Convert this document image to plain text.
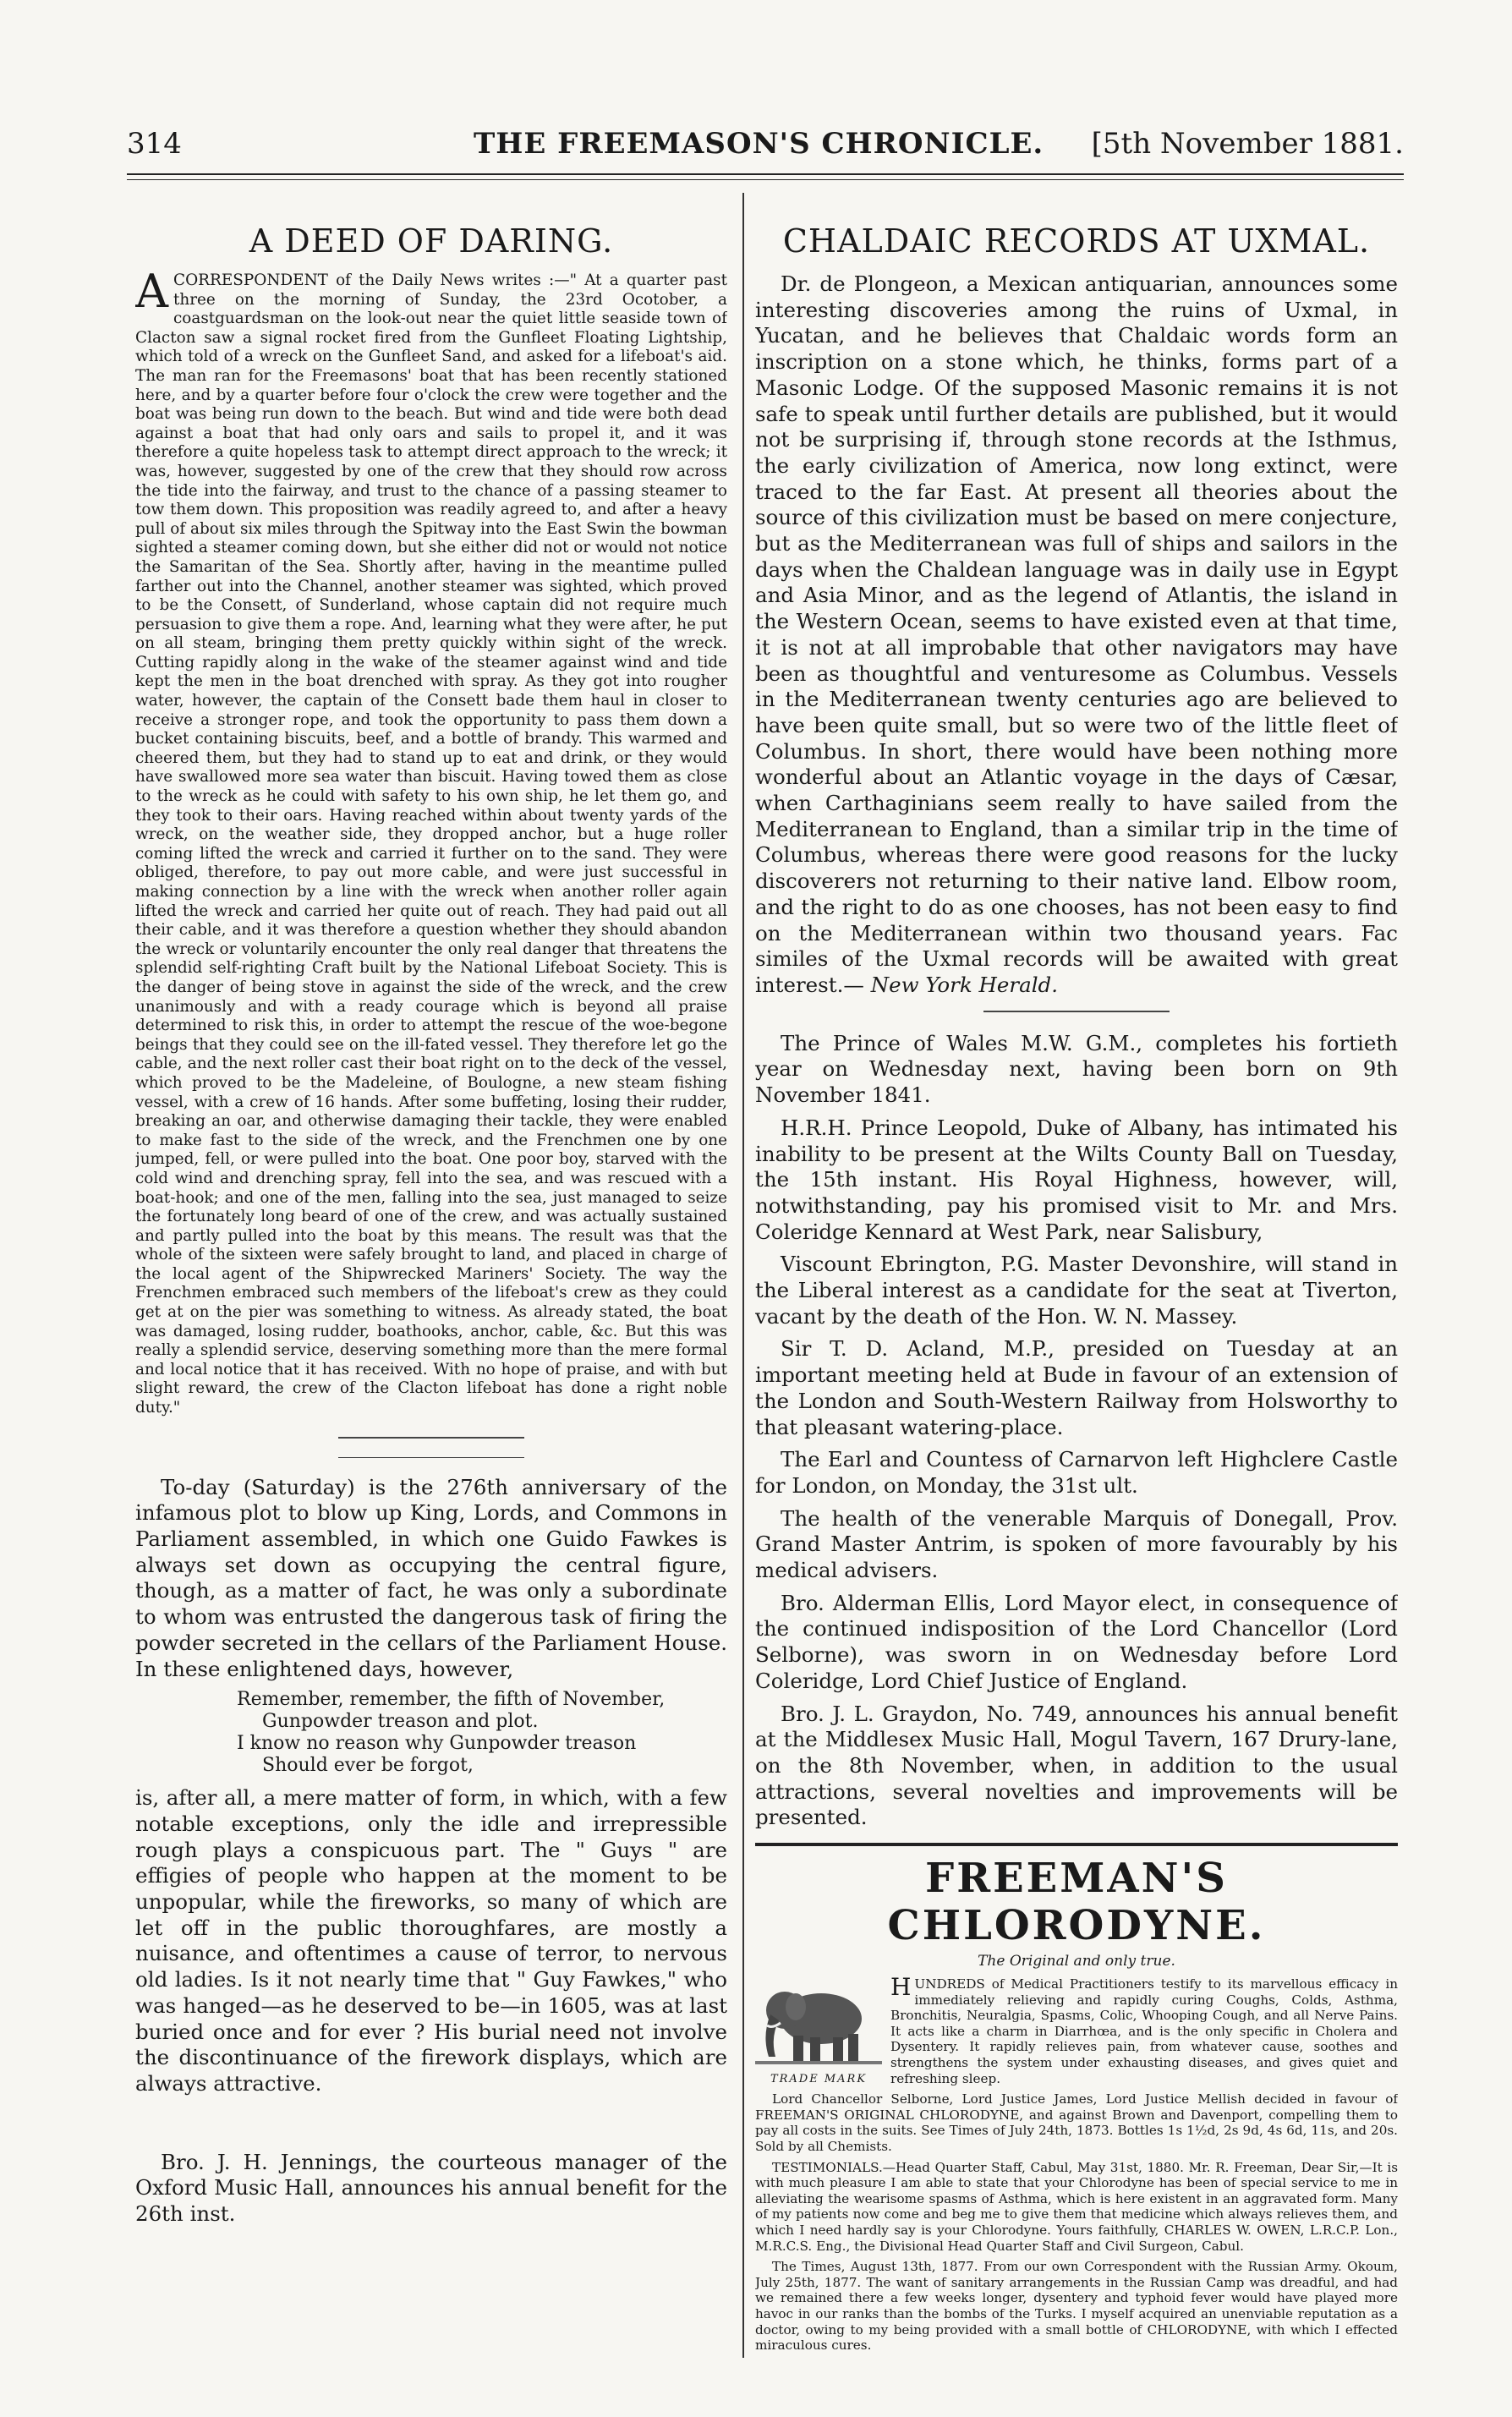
314	THE FREEMASON'S CHRONICLE. [5th November 1881.
A DEED OF DARING.

A CORRESPONDENT of the Daily News writes :—" At a quarter past three on the morning of Sunday, the 23rd Ocotober, a coastguardsman on the look-out near the quiet little seaside town of Clacton saw a signal rocket fired from the Gunfleet Floating Lightship, which told of a wreck on the Gunfleet Sand, and asked for a lifeboat's aid. The man ran for the Freemasons' boat that has been recently stationed here, and by a quarter before four o'clock the crew were together and the boat was being run down to the beach. But wind and tide were both dead against a boat that had only oars and sails to propel it, and it was therefore a quite hopeless task to attempt direct approach to the wreck; it was, however, suggested by one of the crew that they should row across the tide into the fairway, and trust to the chance of a passing steamer to tow them down. This proposition was readily agreed to, and after a heavy pull of about six miles through the Spitway into the East Swin the bowman sighted a steamer coming down, but she either did not or would not notice the Samaritan of the Sea. Shortly after, having in the meantime pulled farther out into the Channel, another steamer was sighted, which proved to be the Consett, of Sunderland, whose captain did not require much persuasion to give them a rope. And, learning what they were after, he put on all steam, bringing them pretty quickly within sight of the wreck. Cutting rapidly along in the wake of the steamer against wind and tide kept the men in the boat drenched with spray. As they got into rougher water, however, the captain of the Consett bade them haul in closer to receive a stronger rope, and took the opportunity to pass them down a bucket containing biscuits, beef, and a bottle of brandy. This warmed and cheered them, but they had to stand up to eat and drink, or they would have swallowed more sea water than biscuit. Having towed them as close to the wreck as he could with safety to his own ship, he let them go, and they took to their oars. Having reached within about twenty yards of the wreck, on the weather side, they dropped anchor, but a huge roller coming lifted the wreck and carried it further on to the sand. They were obliged, therefore, to pay out more cable, and were just successful in making connection by a line with the wreck when another roller again lifted the wreck and carried her quite out of reach. They had paid out all their cable, and it was therefore a question whether they should abandon the wreck or voluntarily encounter the only real danger that threatens the splendid self-righting Craft built by the National Lifeboat Society. This is the danger of being stove in against the side of the wreck, and the crew unanimously and with a ready courage which is beyond all praise determined to risk this, in order to attempt the rescue of the woe-begone beings that they could see on the ill-fated vessel. They therefore let go the cable, and the next roller cast their boat right on to the deck of the vessel, which proved to be the Madeleine, of Boulogne, a new steam fishing vessel, with a crew of 16 hands. After some buffeting, losing their rudder, breaking an oar, and otherwise damaging their tackle, they were enabled to make fast to the side of the wreck, and the Frenchmen one by one jumped, fell, or were pulled into the boat. One poor boy, starved with the cold wind and drenching spray, fell into the sea, and was rescued with a boat-hook; and one of the men, falling into the sea, just managed to seize the fortunately long beard of one of the crew, and was actually sustained and partly pulled into the boat by this means. The result was that the whole of the sixteen were safely brought to land, and placed in charge of the local agent of the Shipwrecked Mariners' Society. The way the Frenchmen embraced such members of the lifeboat's crew as they could get at on the pier was something to witness. As already stated, the boat was damaged, losing rudder, boathooks, anchor, cable, &c. But this was really a splendid service, deserving something more than the mere formal and local notice that it has received. With no hope of praise, and with but slight reward, the crew of the Clacton lifeboat has done a right noble duty."

To-day (Saturday) is the 276th anniversary of the infamous plot to blow up King, Lords, and Commons in Parliament assembled, in which one Guido Fawkes is always set down as occupying the central figure, though, as a matter of fact, he was only a subordinate to whom was entrusted the dangerous task of firing the powder secreted in the cellars of the Parliament House. In these enlightened days, however,

Remember, remember, the fifth of November,
Gunpowder treason and plot.
I know no reason why Gunpowder treason
Should ever be forgot,

is, after all, a mere matter of form, in which, with a few notable exceptions, only the idle and irrepressible rough plays a conspicuous part. The " Guys " are effigies of people who happen at the moment to be unpopular, while the fireworks, so many of which are let off in the public thoroughfares, are mostly a nuisance, and oftentimes a cause of terror, to nervous old ladies. Is it not nearly time that " Guy Fawkes," who was hanged—as he deserved to be—in 1605, was at last buried once and for ever ? His burial need not involve the discontinuance of the firework displays, which are always attractive.

Bro. J. H. Jennings, the courteous manager of the Oxford Music Hall, announces his annual benefit for the 26th inst.

CHALDAIC RECORDS AT UXMAL.

Dr. de Plongeon, a Mexican antiquarian, announces some interesting discoveries among the ruins of Uxmal, in Yucatan, and he believes that Chaldaic words form an inscription on a stone which, he thinks, forms part of a Masonic Lodge. Of the supposed Masonic remains it is not safe to speak until further details are published, but it would not be surprising if, through stone records at the Isthmus, the early civilization of America, now long extinct, were traced to the far East. At present all theories about the source of this civilization must be based on mere conjecture, but as the Mediterranean was full of ships and sailors in the days when the Chaldean language was in daily use in Egypt and Asia Minor, and as the legend of Atlantis, the island in the Western Ocean, seems to have existed even at that time, it is not at all improbable that other navigators may have been as thoughtful and venturesome as Columbus. Vessels in the Mediterranean twenty centuries ago are believed to have been quite small, but so were two of the little fleet of Columbus. In short, there would have been nothing more wonderful about an Atlantic voyage in the days of Cæsar, when Carthaginians seem really to have sailed from the Mediterranean to England, than a similar trip in the time of Columbus, whereas there were good reasons for the lucky discoverers not returning to their native land. Elbow room, and the right to do as one chooses, has not been easy to find on the Mediterranean within two thousand years. Fac similes of the Uxmal records will be awaited with great interest.— New York Herald.

The Prince of Wales M.W. G.M., completes his fortieth year on Wednesday next, having been born on 9th November 1841.

H.R.H. Prince Leopold, Duke of Albany, has intimated his inability to be present at the Wilts County Ball on Tuesday, the 15th instant. His Royal Highness, however, will, notwithstanding, pay his promised visit to Mr. and Mrs. Coleridge Kennard at West Park, near Salisbury,

Viscount Ebrington, P.G. Master Devonshire, will stand in the Liberal interest as a candidate for the seat at Tiverton, vacant by the death of the Hon. W. N. Massey.

Sir T. D. Acland, M.P., presided on Tuesday at an important meeting held at Bude in favour of an extension of the London and South-Western Railway from Holsworthy to that pleasant watering-place.

The Earl and Countess of Carnarvon left Highclere Castle for London, on Monday, the 31st ult.

The health of the venerable Marquis of Donegall, Prov. Grand Master Antrim, is spoken of more favourably by his medical advisers.

Bro. Alderman Ellis, Lord Mayor elect, in consequence of the continued indisposition of the Lord Chancellor (Lord Selborne), was sworn in on Wednesday before Lord Coleridge, Lord Chief Justice of England.

Bro. J. L. Graydon, No. 749, announces his annual benefit at the Middlesex Music Hall, Mogul Tavern, 167 Drury-lane, on the 8th November, when, in addition to the usual attractions, several novelties and improvements will be presented.

FREEMAN'S CHLORODYNE.
The Original and only true.
TRADE MARK

H UNDREDS of Medical Practitioners testify to its marvellous efficacy in immediately relieving and rapidly curing Coughs, Colds, Asthma, Bronchitis, Neuralgia, Spasms, Colic, Whooping Cough, and all Nerve Pains. It acts like a charm in Diarrhœa, and is the only specific in Cholera and Dysentery. It rapidly relieves pain, from whatever cause, soothes and strengthens the system under exhausting diseases, and gives quiet and refreshing sleep.

Lord Chancellor Selborne, Lord Justice James, Lord Justice Mellish decided in favour of FREEMAN'S ORIGINAL CHLORODYNE, and against Brown and Davenport, compelling them to pay all costs in the suits. See Times of July 24th, 1873. Bottles 1s 1½d, 2s 9d, 4s 6d, 11s, and 20s. Sold by all Chemists.

TESTIMONIALS.—Head Quarter Staff, Cabul, May 31st, 1880. Mr. R. Freeman, Dear Sir,—It is with much pleasure I am able to state that your Chlorodyne has been of special service to me in alleviating the wearisome spasms of Asthma, which is here existent in an aggravated form. Many of my patients now come and beg me to give them that medicine which always relieves them, and which I need hardly say is your Chlorodyne. Yours faithfully, CHARLES W. OWEN, L.R.C.P. Lon., M.R.C.S. Eng., the Divisional Head Quarter Staff and Civil Surgeon, Cabul.

The Times, August 13th, 1877. From our own Correspondent with the Russian Army. Okoum, July 25th, 1877. The want of sanitary arrangements in the Russian Camp was dreadful, and had we remained there a few weeks longer, dysentery and typhoid fever would have played more havoc in our ranks than the bombs of the Turks. I myself acquired an unenviable reputation as a doctor, owing to my being provided with a small bottle of CHLORODYNE, with which I effected miraculous cures.
